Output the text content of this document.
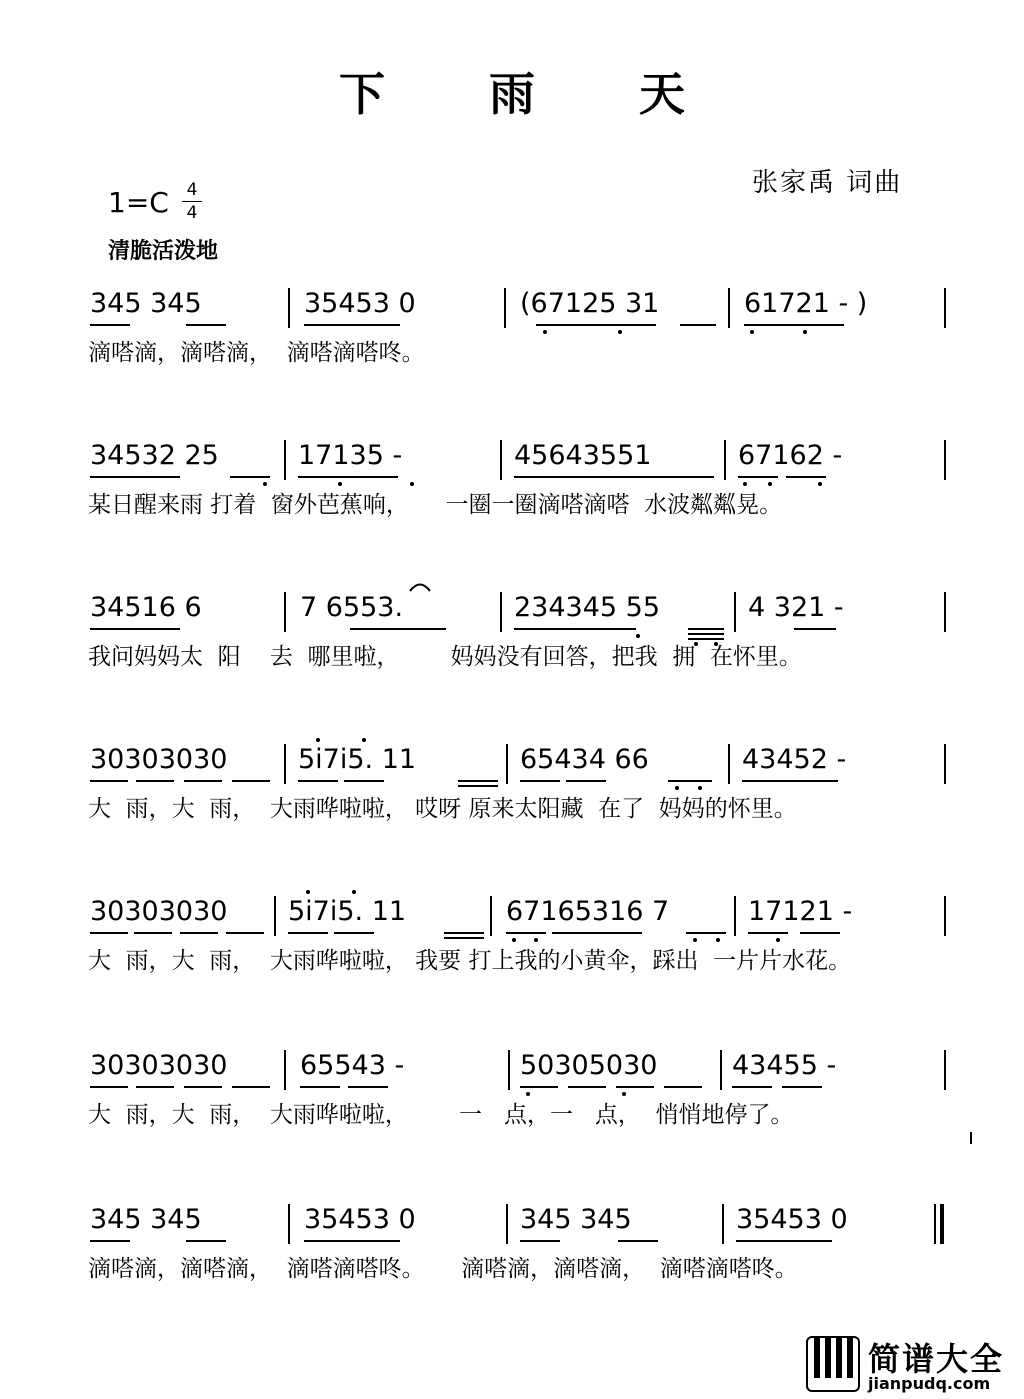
下 雨 天
张家禹 词曲
1=C 4
4
清脆活泼地
345 345	35453 0	(67125 31	61721 - )
滴嗒滴，滴嗒滴，  滴嗒滴嗒咚。
34532 25	17135 -	45643551	67162 -
某日醒来雨 打着  窗外芭蕉响，     一圈一圈滴嗒滴嗒  水波粼粼晃。
34516 6	7 6553.	234345 55	4 321 -
我问妈妈太  阳    去  哪里啦，       妈妈没有回答，把我  拥  在怀里。
30303030	5i7i5. 11	65434 66	43452 -
大  雨，大  雨，  大雨哗啦啦， 哎呀 原来太阳藏  在了  妈妈的怀里。
30303030 5i7i5. 11	67165316 7	17121 -
大  雨，大  雨，  大雨哗啦啦， 我要 打上我的小黄伞，踩出  一片片水花。
30303030	65543 -	50305030	43455 -
大  雨，大  雨，  大雨哗啦啦，       一   点，一   点，  悄悄地停了。
345 345	35453 0	345 345	35453 0
滴嗒滴，滴嗒滴，  滴嗒滴嗒咚。     滴嗒滴，滴嗒滴，  滴嗒滴嗒咚。
简谱大全
jianpudq.com
